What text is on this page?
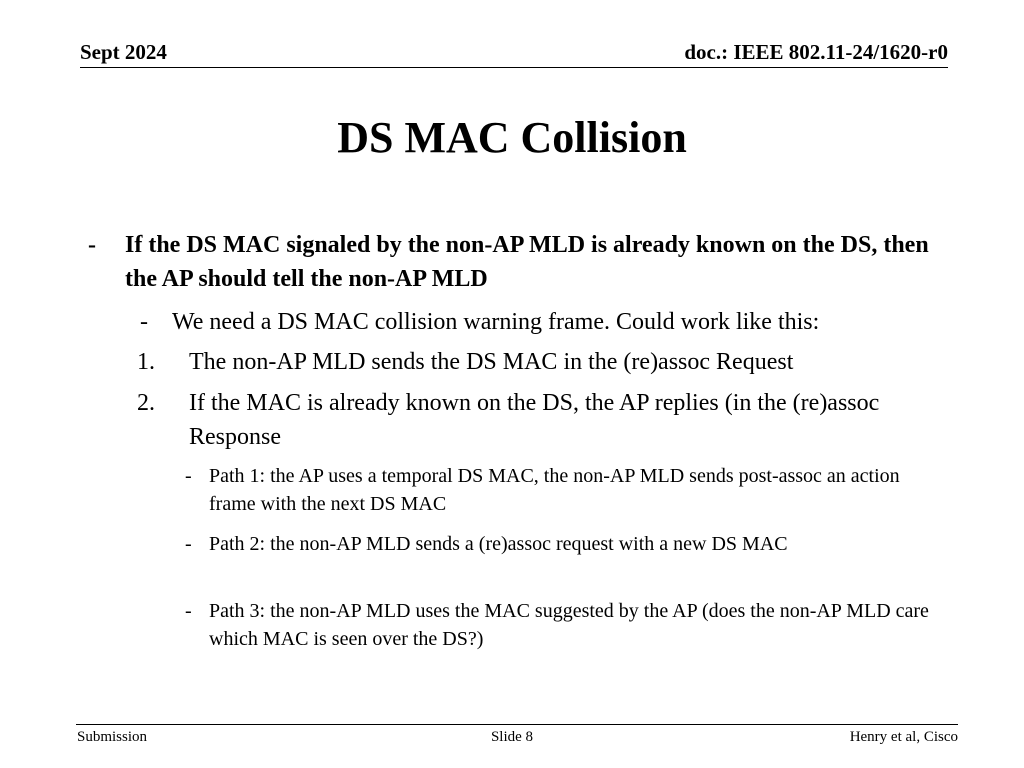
Sept 2024	doc.: IEEE 802.11-24/1620-r0
DS MAC Collision
- If the DS MAC signaled by the non-AP MLD is already known on the DS, then the AP should tell the non-AP MLD
- We need a DS MAC collision warning frame. Could work like this:
1. The non-AP MLD sends the DS MAC in the (re)assoc Request
2. If the MAC is already known on the DS, the AP replies (in the (re)assoc Response
- Path 1: the AP uses a temporal DS MAC, the non-AP MLD sends post-assoc an action frame with the next DS MAC
- Path 2: the non-AP MLD sends a (re)assoc request with a new DS MAC
- Path 3: the non-AP MLD uses the MAC suggested by the AP (does the non-AP MLD care which MAC is seen over the DS?)
Submission	Slide 8	Henry et al, Cisco
